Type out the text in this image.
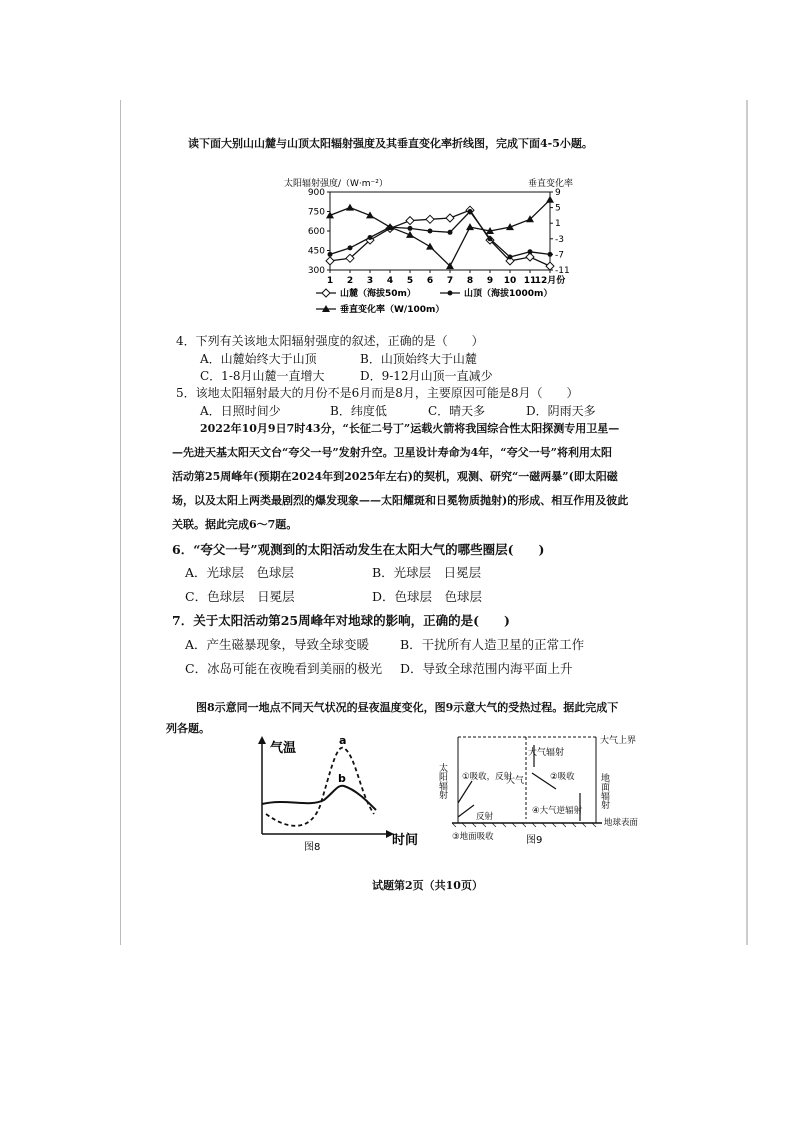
读下面大别山山麓与山顶太阳辐射强度及其垂直变化率折线图，完成下面4-5小题。
太阳辐射强度/（W·m⁻²）	垂直变化率
300
450
600
750
900
-11
-7
-3
1
5
9
1 2 3 4 5 6 7 8 9 10 11
12月份
山麓（海拔50m）	山顶（海拔1000m）
垂直变化率（W/100m）
4．下列有关该地太阳辐射强度的叙述，正确的是（　　）
A．山麓始终大于山顶	B．山顶始终大于山麓
C．1-8月山麓一直增大	D．9-12月山顶一直减少
5．该地太阳辐射最大的月份不是6月而是8月，主要原因可能是8月（　　）
A．日照时间少	B．纬度低	C．晴天多	D．阴雨天多
2022年10月9日7时43分，“长征二号丁”运载火箭将我国综合性太阳探测专用卫星—
—先进天基太阳天文台“夸父一号”发射升空。卫星设计寿命为4年，“夸父一号”将利用太阳
活动第25周峰年(预期在2024年到2025年左右)的契机，观测、研究“一磁两暴”(即太阳磁
场，以及太阳上两类最剧烈的爆发现象——太阳耀斑和日冕物质抛射)的形成、相互作用及彼此
关联。据此完成6～7题。
6．“夸父一号”观测到的太阳活动发生在太阳大气的哪些圈层(　　)
A．光球层　色球层	B．光球层　日冕层
C．色球层　日冕层	D．色球层　色球层
7．关于太阳活动第25周峰年对地球的影响，正确的是(　　)
A．产生磁暴现象，导致全球变暖 B．干扰所有人造卫星的正常工作
C．冰岛可能在夜晚看到美丽的极光 D．导致全球范围内海平面上升
图8示意同一地点不同天气状况的昼夜温度变化，图9示意大气的受热过程。据此完成下
列各题。
气温
时间
a
b
图8
太阳辐射	地面辐射
大气上界
大气辐射
①吸收，反射
大气	②吸收
④大气逆辐射
反射
③地面吸收
地球表面
图9
试题第2页（共10页）
